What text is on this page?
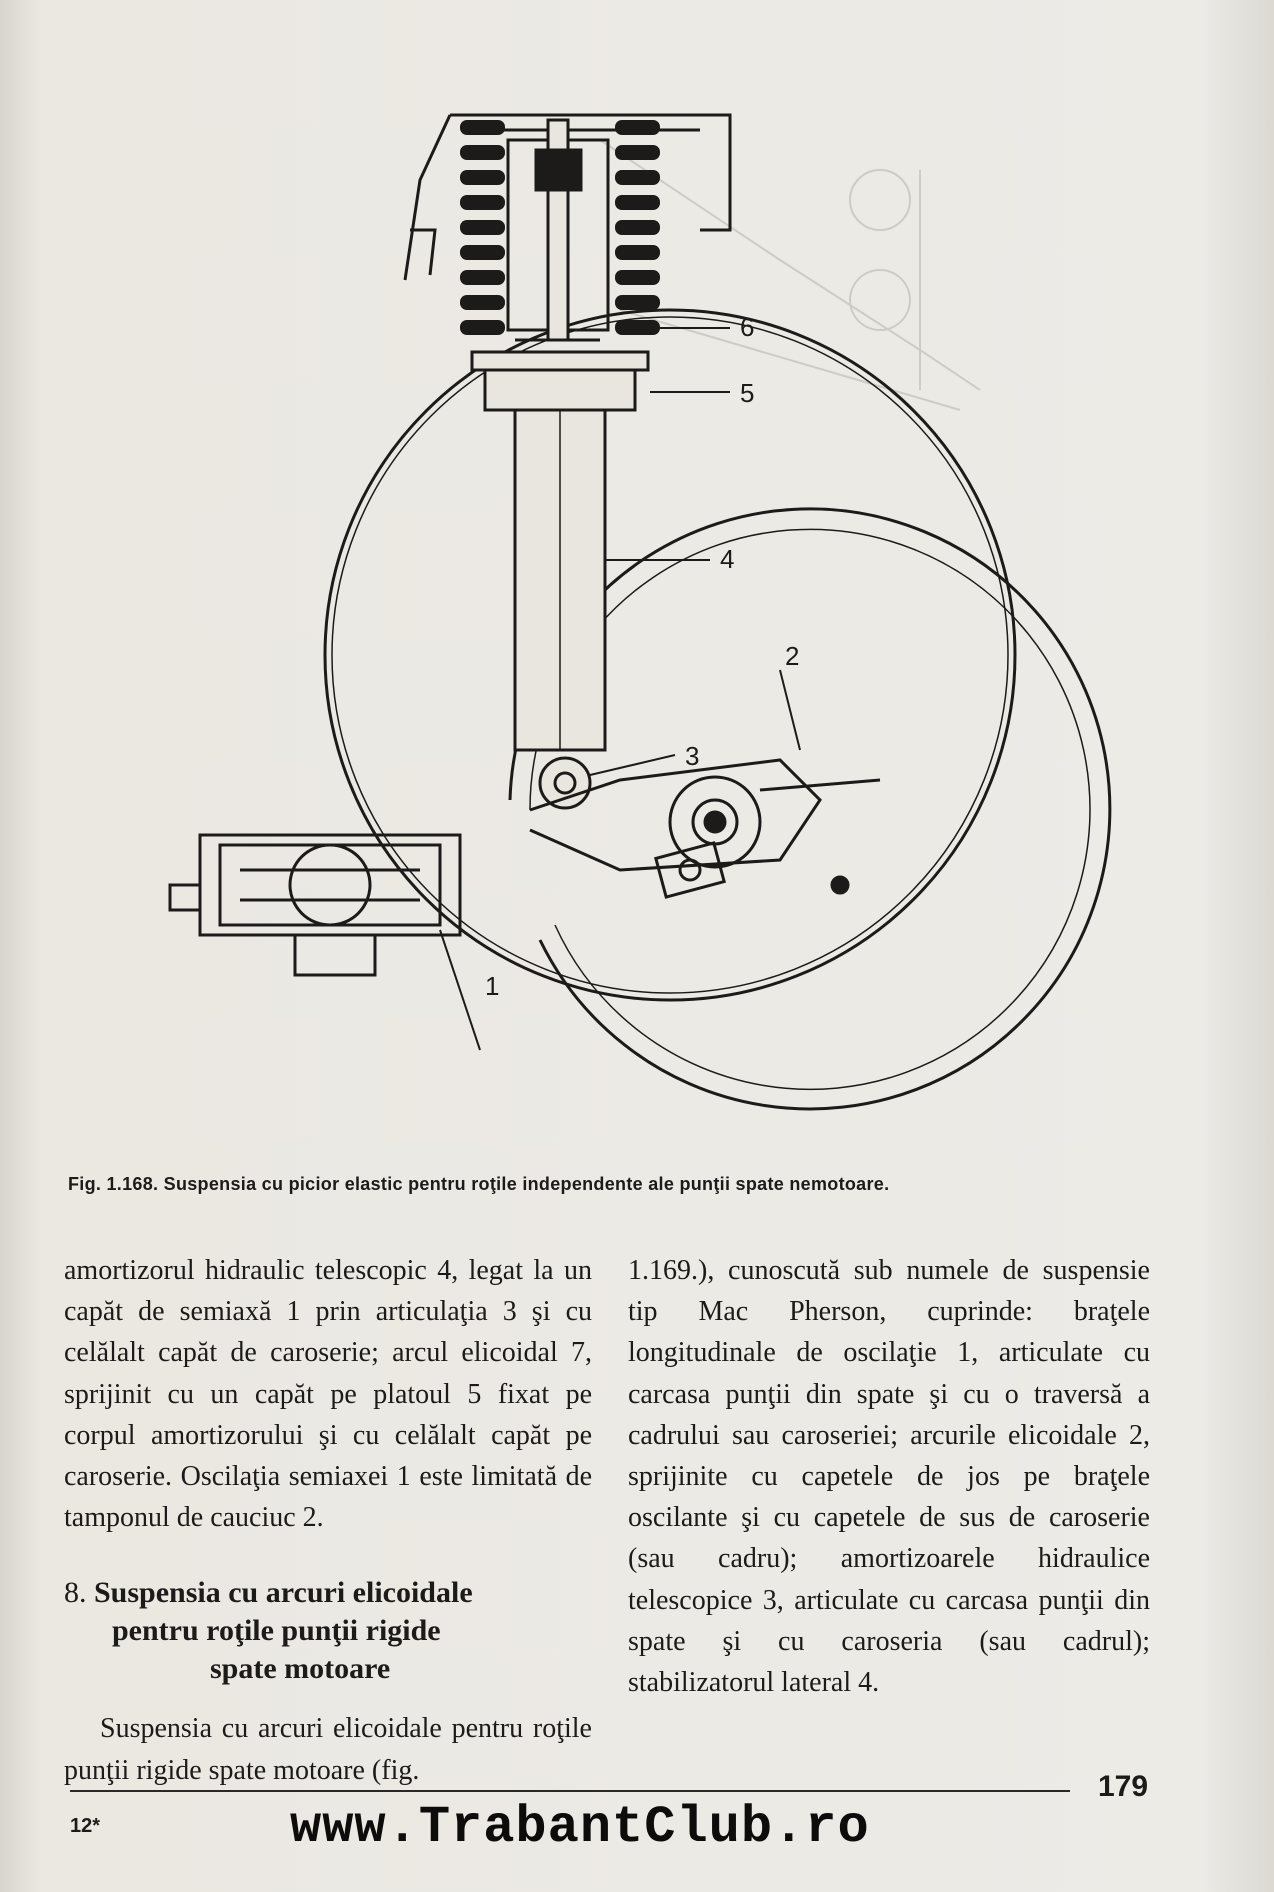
6
5
4
2
3
1
Fig. 1.168. Suspensia cu picior elastic pentru roţile independente ale punţii spate nemotoare.

amortizorul hidraulic telescopic 4, legat la un capăt de semiaxă 1 prin articulaţia 3 şi cu celălalt capăt de caroserie; arcul elicoidal 7, sprijinit cu un capăt pe platoul 5 fixat pe corpul amortizorului şi cu celălalt capăt pe caroserie. Oscilaţia semiaxei 1 este limitată de tamponul de cauciuc 2.

8. Suspensia cu arcuri elicoidale
pentru roţile punţii rigide
spate motoare

Suspensia cu arcuri elicoidale pentru roţile punţii rigide spate motoare (fig.

1.169.), cunoscută sub numele de suspensie tip Mac Pherson, cuprinde: braţele longitudinale de oscilaţie 1, articulate cu carcasa punţii din spate şi cu o traversă a cadrului sau caroseriei; arcurile elicoidale 2, sprijinite cu capetele de jos pe braţele oscilante şi cu capetele de sus de caroserie (sau cadru); amortizoarele hidraulice telescopice 3, articulate cu carcasa punţii din spate şi cu caroseria (sau cadrul); stabilizatorul lateral 4.

179
12*	www.TrabantClub.ro
